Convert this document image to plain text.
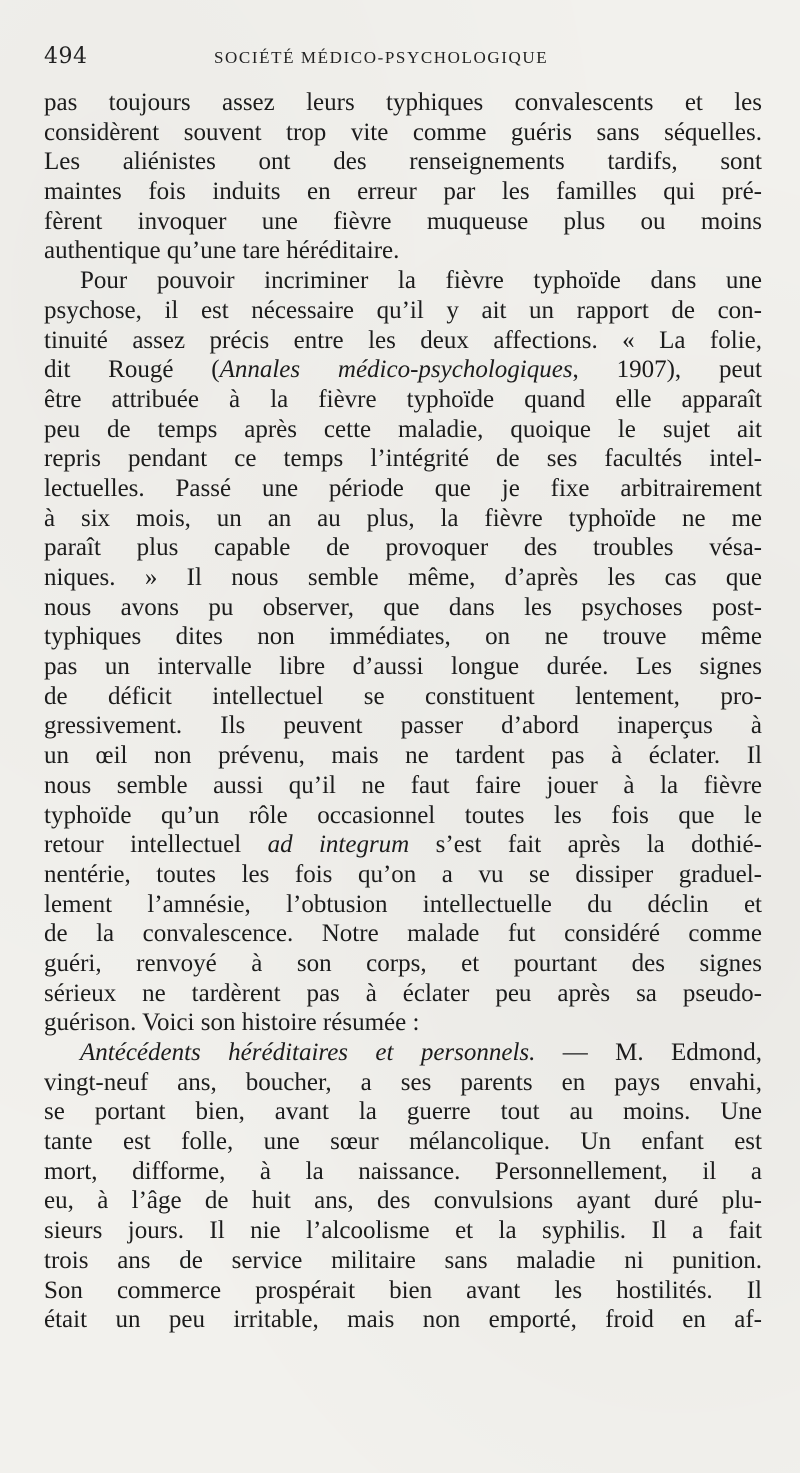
494	SOCIÉTÉ MÉDICO-PSYCHOLOGIQUE
pas toujours assez leurs typhiques convalescents et les
considèrent souvent trop vite comme guéris sans séquelles.
Les aliénistes ont des renseignements tardifs, sont
maintes fois induits en erreur par les familles qui pré-
fèrent invoquer une fièvre muqueuse plus ou moins
authentique qu’une tare héréditaire.
Pour pouvoir incriminer la fièvre typhoïde dans une
psychose, il est nécessaire qu’il y ait un rapport de con-
tinuité assez précis entre les deux affections. « La folie,
dit Rougé (Annales médico-psychologiques, 1907), peut
être attribuée à la fièvre typhoïde quand elle apparaît
peu de temps après cette maladie, quoique le sujet ait
repris pendant ce temps l’intégrité de ses facultés intel-
lectuelles. Passé une période que je fixe arbitrairement
à six mois, un an au plus, la fièvre typhoïde ne me
paraît plus capable de provoquer des troubles vésa-
niques. » Il nous semble même, d’après les cas que
nous avons pu observer, que dans les psychoses post-
typhiques dites non immédiates, on ne trouve même
pas un intervalle libre d’aussi longue durée. Les signes
de déficit intellectuel se constituent lentement, pro-
gressivement. Ils peuvent passer d’abord inaperçus à
un œil non prévenu, mais ne tardent pas à éclater. Il
nous semble aussi qu’il ne faut faire jouer à la fièvre
typhoïde qu’un rôle occasionnel toutes les fois que le
retour intellectuel ad integrum s’est fait après la dothié-
nentérie, toutes les fois qu’on a vu se dissiper graduel-
lement l’amnésie, l’obtusion intellectuelle du déclin et
de la convalescence. Notre malade fut considéré comme
guéri, renvoyé à son corps, et pourtant des signes
sérieux ne tardèrent pas à éclater peu après sa pseudo-
guérison. Voici son histoire résumée :
Antécédents héréditaires et personnels. — M. Edmond,
vingt-neuf ans, boucher, a ses parents en pays envahi,
se portant bien, avant la guerre tout au moins. Une
tante est folle, une sœur mélancolique. Un enfant est
mort, difforme, à la naissance. Personnellement, il a
eu, à l’âge de huit ans, des convulsions ayant duré plu-
sieurs jours. Il nie l’alcoolisme et la syphilis. Il a fait
trois ans de service militaire sans maladie ni punition.
Son commerce prospérait bien avant les hostilités. Il
était un peu irritable, mais non emporté, froid en af-
